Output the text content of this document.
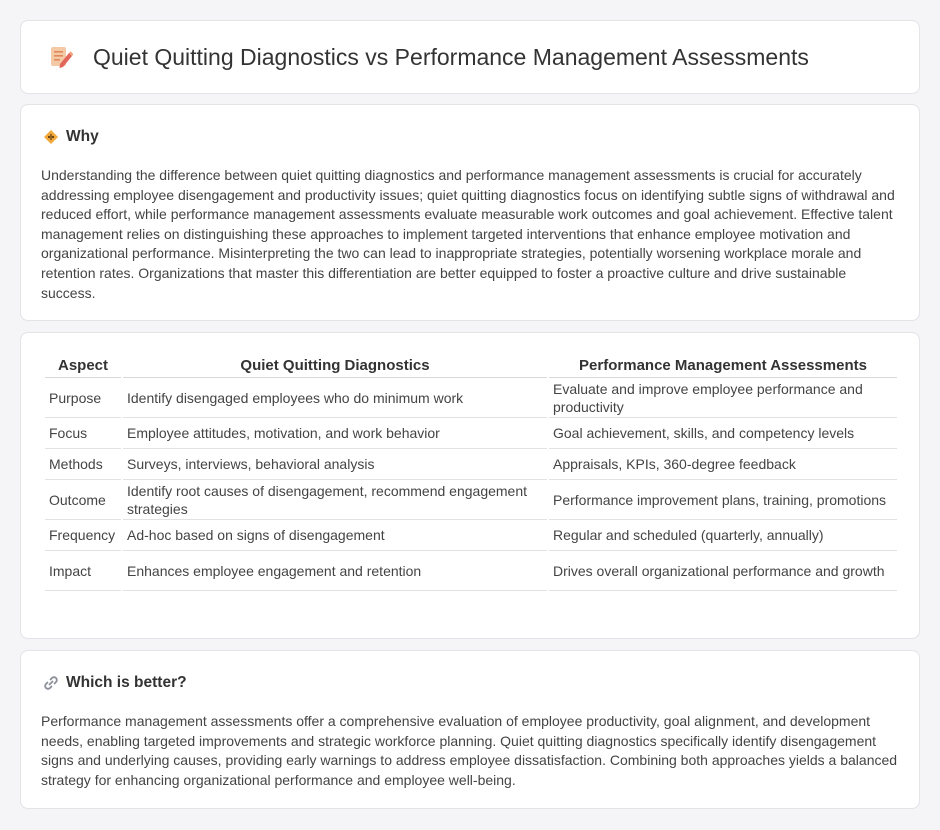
Quiet Quitting Diagnostics vs Performance Management Assessments
Why

Understanding the difference between quiet quitting diagnostics and performance management assessments is crucial for accurately addressing employee disengagement and productivity issues; quiet quitting diagnostics focus on identifying subtle signs of withdrawal and reduced effort, while performance management assessments evaluate measurable work outcomes and goal achievement. Effective talent management relies on distinguishing these approaches to implement targeted interventions that enhance employee motivation and organizational performance. Misinterpreting the two can lead to inappropriate strategies, potentially worsening workplace morale and retention rates. Organizations that master this differentiation are better equipped to foster a proactive culture and drive sustainable success.

Aspect	Quiet Quitting Diagnostics	Performance Management Assessments
Purpose	Identify disengaged employees who do minimum work	Evaluate and improve employee performance and productivity
Focus	Employee attitudes, motivation, and work behavior	Goal achievement, skills, and competency levels
Methods	Surveys, interviews, behavioral analysis	Appraisals, KPIs, 360-degree feedback
Outcome	Identify root causes of disengagement, recommend engagement strategies	Performance improvement plans, training, promotions
Frequency	Ad-hoc based on signs of disengagement	Regular and scheduled (quarterly, annually)
Impact	Enhances employee engagement and retention	Drives overall organizational performance and growth
Which is better?

Performance management assessments offer a comprehensive evaluation of employee productivity, goal alignment, and development needs, enabling targeted improvements and strategic workforce planning. Quiet quitting diagnostics specifically identify disengagement signs and underlying causes, providing early warnings to address employee dissatisfaction. Combining both approaches yields a balanced strategy for enhancing organizational performance and employee well-being.
